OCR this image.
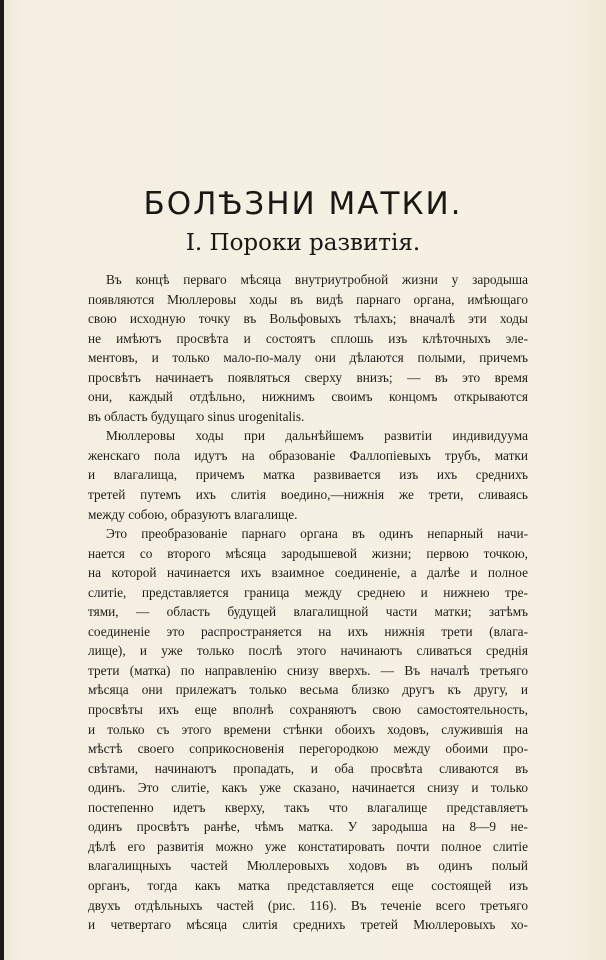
БОЛѢЗНИ МАТКИ.
I. Пороки развитія.
Въ концѣ перваго мѣсяца внутриутробной жизни у зародыша
появляются Мюллеровы ходы въ видѣ парнаго органа, имѣющаго
свою исходную точку въ Вольфовыхъ тѣлахъ; вначалѣ эти ходы
не имѣютъ просвѣта и состоятъ сплошь изъ клѣточныхъ эле-
ментовъ, и только мало-по-малу они дѣлаются полыми, причемъ
просвѣтъ начинаетъ появляться сверху внизъ; — въ это время
они, каждый отдѣльно, нижнимъ своимъ концомъ открываются
въ область будущаго sinus urogenitalis.
Мюллеровы ходы при дальнѣйшемъ развитіи индивидуума
женскаго пола идутъ на образованіе Фаллопіевыхъ трубъ, матки
и влагалища, причемъ матка развивается изъ ихъ среднихъ
третей путемъ ихъ слитія воедино,—нижнія же трети, сливаясь
между собою, образуютъ влагалище.
Это преобразованіе парнаго органа въ одинъ непарный начи-
нается со второго мѣсяца зародышевой жизни; первою точкою,
на которой начинается ихъ взаимное соединеніе, а далѣе и полное
слитіе, представляется граница между среднею и нижнею тре-
тями, — область будущей влагалищной части матки; затѣмъ
соединеніе это распространяется на ихъ нижнія трети (влага-
лище), и уже только послѣ этого начинаютъ сливаться среднія
трети (матка) по направленію снизу вверхъ. — Въ началѣ третьяго
мѣсяца они прилежатъ только весьма близко другъ къ другу, и
просвѣты ихъ еще вполнѣ сохраняютъ свою самостоятельность,
и только съ этого времени стѣнки обоихъ ходовъ, служившія на
мѣстѣ своего соприкосновенія перегородкою между обоими про-
свѣтами, начинаютъ пропадать, и оба просвѣта сливаются въ
одинъ. Это слитіе, какъ уже сказано, начинается снизу и только
постепенно идетъ кверху, такъ что влагалище представляетъ
одинъ просвѣтъ ранѣе, чѣмъ матка. У зародыша на 8—9 не-
дѣлѣ его развитія можно уже констатировать почти полное слитіе
влагалищныхъ частей Мюллеровыхъ ходовъ въ одинъ полый
органъ, тогда какъ матка представляется еще состоящей изъ
двухъ отдѣльныхъ частей (рис. 116). Въ теченіе всего третьяго
и четвертаго мѣсяца слитія среднихъ третей Мюллеровыхъ хо-
